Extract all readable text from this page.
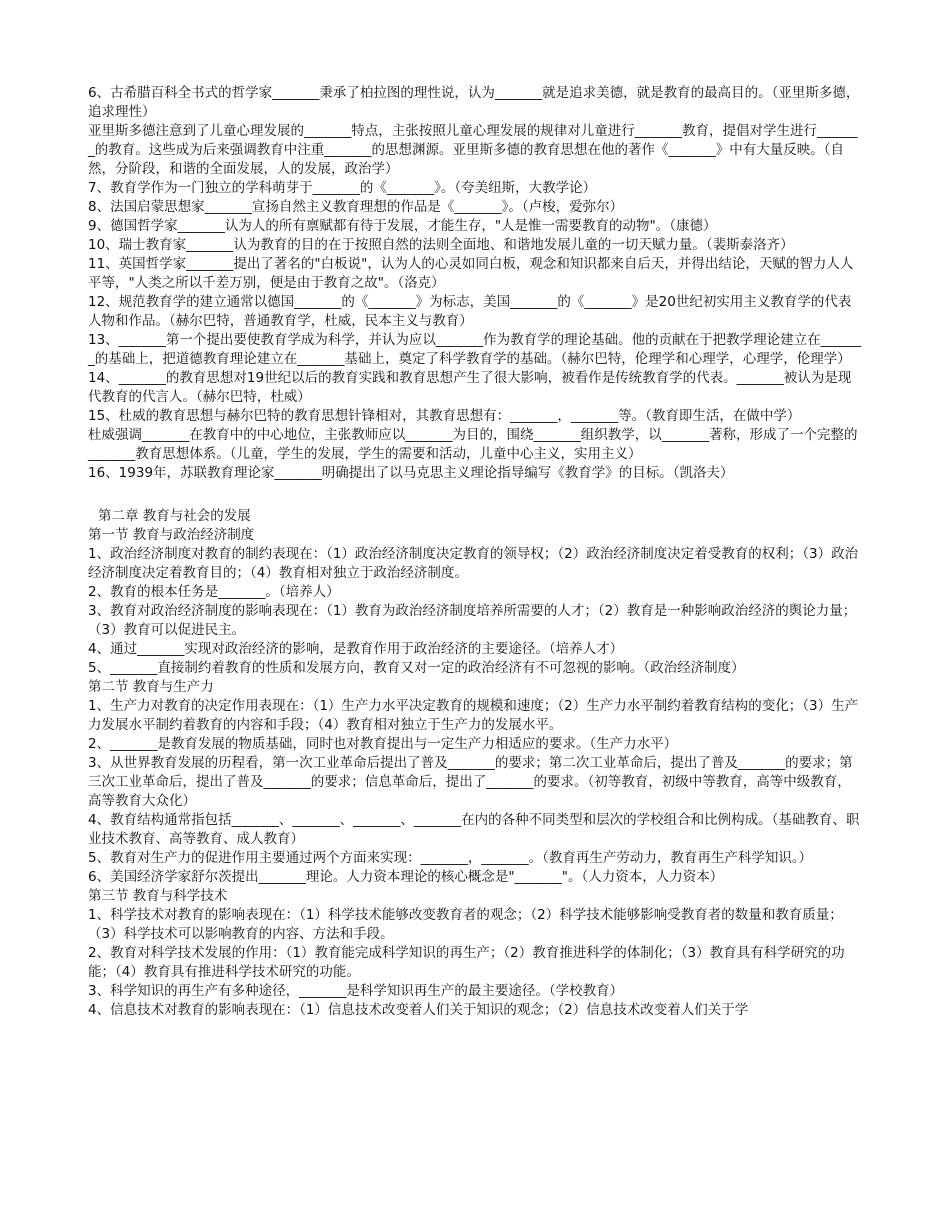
6、古希腊百科全书式的哲学家_______秉承了柏拉图的理性说，认为_______就是追求美德，就是教育的最高目的。（亚里斯多德，追求理性）

亚里斯多德注意到了儿童心理发展的_______特点，主张按照儿童心理发展的规律对儿童进行_______教育，提倡对学生进行_______的教育。这些成为后来强调教育中注重_______的思想渊源。亚里斯多德的教育思想在他的著作《_______》中有大量反映。（自然，分阶段，和谐的全面发展，人的发展，政治学）

7、教育学作为一门独立的学科萌芽于_______的《_______》。（夸美纽斯，大教学论）

8、法国启蒙思想家_______宣扬自然主义教育理想的作品是《_______》。（卢梭，爱弥尔）

9、德国哲学家_______认为人的所有禀赋都有待于发展，才能生存，"人是惟一需要教育的动物"。（康德）

10、瑞士教育家_______认为教育的目的在于按照自然的法则全面地、和谐地发展儿童的一切天赋力量。（裴斯泰洛齐）

11、英国哲学家_______提出了著名的"白板说"，认为人的心灵如同白板，观念和知识都来自后天，并得出结论，天赋的智力人人平等，"人类之所以千差万别，便是由于教育之故"。（洛克）

12、规范教育学的建立通常以德国_______的《_______》为标志，美国_______的《_______》是20世纪初实用主义教育学的代表人物和作品。（赫尔巴特，普通教育学，杜威，民本主义与教育）

13、_______第一个提出要使教育学成为科学，并认为应以_______作为教育学的理论基础。他的贡献在于把教学理论建立在_______的基础上，把道德教育理论建立在_______基础上，奠定了科学教育学的基础。（赫尔巴特，伦理学和心理学，心理学，伦理学）

14、_______的教育思想对19世纪以后的教育实践和教育思想产生了很大影响，被看作是传统教育学的代表。_______被认为是现代教育的代言人。（赫尔巴特，杜威）

15、杜威的教育思想与赫尔巴特的教育思想针锋相对，其教育思想有：_______，_______等。（教育即生活，在做中学）

杜威强调_______在教育中的中心地位，主张教师应以_______为目的，围绕_______组织教学，以_______著称，形成了一个完整的_______教育思想体系。（儿童，学生的发展，学生的需要和活动，儿童中心主义，实用主义）

16、1939年，苏联教育理论家_______明确提出了以马克思主义理论指导编写《教育学》的目标。（凯洛夫）

第二章 教育与社会的发展

第一节 教育与政治经济制度

1、政治经济制度对教育的制约表现在：（1）政治经济制度决定教育的领导权；（2）政治经济制度决定着受教育的权利；（3）政治经济制度决定着教育目的；（4）教育相对独立于政治经济制度。

2、教育的根本任务是_______。（培养人）

3、教育对政治经济制度的影响表现在：（1）教育为政治经济制度培养所需要的人才；（2）教育是一种影响政治经济的舆论力量；（3）教育可以促进民主。

4、通过_______实现对政治经济的影响，是教育作用于政治经济的主要途径。（培养人才）

5、_______直接制约着教育的性质和发展方向，教育又对一定的政治经济有不可忽视的影响。（政治经济制度）

第二节 教育与生产力

1、生产力对教育的决定作用表现在：（1）生产力水平决定教育的规模和速度；（2）生产力水平制约着教育结构的变化；（3）生产力发展水平制约着教育的内容和手段；（4）教育相对独立于生产力的发展水平。

2、_______是教育发展的物质基础，同时也对教育提出与一定生产力相适应的要求。（生产力水平）

3、从世界教育发展的历程看，第一次工业革命后提出了普及_______的要求；第二次工业革命后，提出了普及_______的要求；第三次工业革命后，提出了普及_______的要求；信息革命后，提出了_______的要求。（初等教育，初级中等教育，高等中级教育，高等教育大众化）

4、教育结构通常指包括_______、_______、_______、_______在内的各种不同类型和层次的学校组合和比例构成。（基础教育、职业技术教育、高等教育、成人教育）

5、教育对生产力的促进作用主要通过两个方面来实现：_______，_______。（教育再生产劳动力，教育再生产科学知识。）

6、美国经济学家舒尔茨提出_______理论。人力资本理论的核心概念是"_______"。（人力资本，人力资本）

第三节 教育与科学技术

1、科学技术对教育的影响表现在：（1）科学技术能够改变教育者的观念；（2）科学技术能够影响受教育者的数量和教育质量；（3）科学技术可以影响教育的内容、方法和手段。

2、教育对科学技术发展的作用：（1）教育能完成科学知识的再生产；（2）教育推进科学的体制化；（3）教育具有科学研究的功能；（4）教育具有推进科学技术研究的功能。

3、科学知识的再生产有多种途径，_______是科学知识再生产的最主要途径。（学校教育）

4、信息技术对教育的影响表现在：（1）信息技术改变着人们关于知识的观念；（2）信息技术改变着人们关于学
